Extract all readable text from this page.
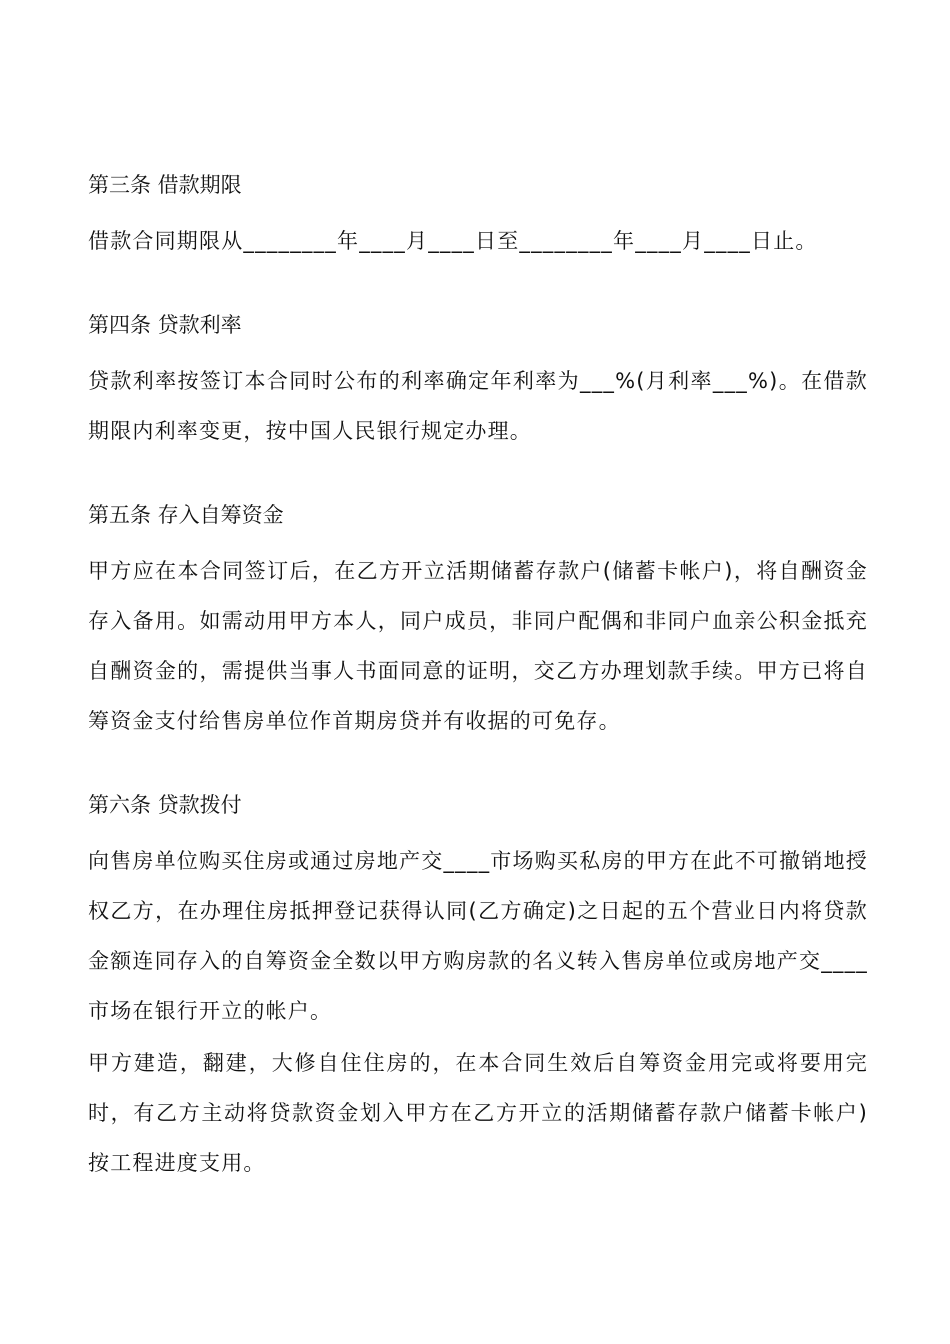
第三条 借款期限

借款合同期限从________年____月____日至________年____月____日止。

第四条 贷款利率

贷款利率按签订本合同时公布的利率确定年利率为___%(月利率___%)。在借款期限内利率变更，按中国人民银行规定办理。

第五条 存入自筹资金

甲方应在本合同签订后，在乙方开立活期储蓄存款户(储蓄卡帐户)，将自酬资金存入备用。如需动用甲方本人，同户成员，非同户配偶和非同户血亲公积金抵充自酬资金的，需提供当事人书面同意的证明，交乙方办理划款手续。甲方已将自筹资金支付给售房单位作首期房贷并有收据的可免存。

第六条 贷款拨付

向售房单位购买住房或通过房地产交____市场购买私房的甲方在此不可撤销地授权乙方，在办理住房抵押登记获得认同(乙方确定)之日起的五个营业日内将贷款金额连同存入的自筹资金全数以甲方购房款的名义转入售房单位或房地产交____市场在银行开立的帐户。

甲方建造，翻建，大修自住住房的，在本合同生效后自筹资金用完或将要用完时，有乙方主动将贷款资金划入甲方在乙方开立的活期储蓄存款户储蓄卡帐户)按工程进度支用。
